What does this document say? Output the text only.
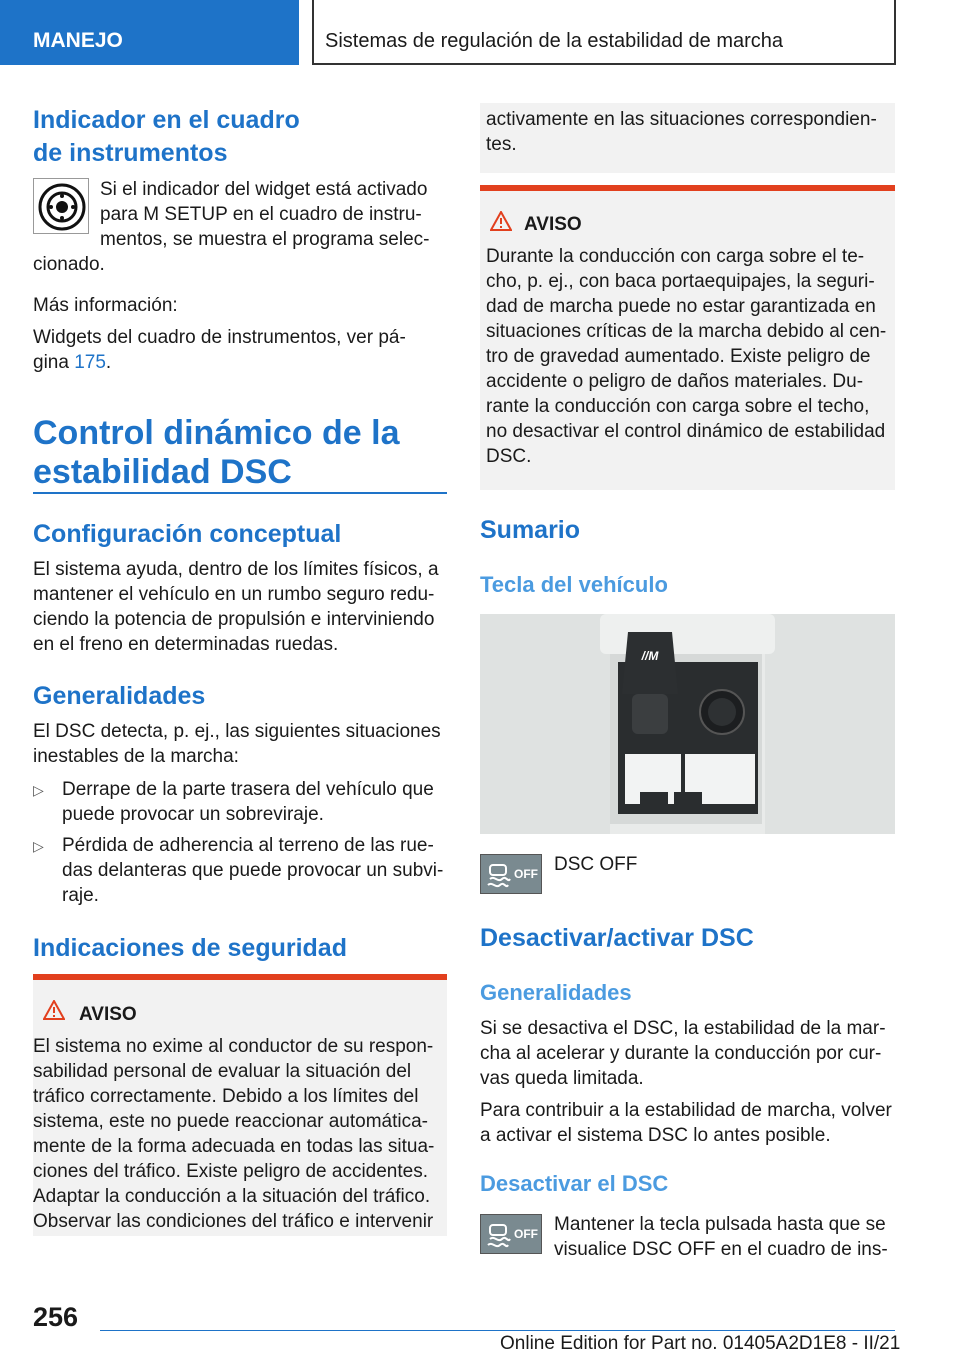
MANEJO	Sistemas de regulación de la estabilidad de marcha
Indicador en el cuadro
de instrumentos
Si el indicador del widget está activado
para M SETUP en el cuadro de instru-
mentos, se muestra el programa selec-
cionado.
Más información:
Widgets del cuadro de instrumentos, ver pá-
gina 175.
Control dinámico de la
estabilidad DSC
Configuración conceptual
El sistema ayuda, dentro de los límites físicos, a
mantener el vehículo en un rumbo seguro redu-
ciendo la potencia de propulsión e interviniendo
en el freno en determinadas ruedas.
Generalidades
El DSC detecta, p. ej., las siguientes situaciones
inestables de la marcha:
▷ Derrape de la parte trasera del vehículo que
puede provocar un sobreviraje.
▷ Pérdida de adherencia al terreno de las rue-
das delanteras que puede provocar un subvi-
raje.
Indicaciones de seguridad
AVISO
El sistema no exime al conductor de su respon-
sabilidad personal de evaluar la situación del
tráfico correctamente. Debido a los límites del
sistema, este no puede reaccionar automática-
mente de la forma adecuada en todas las situa-
ciones del tráfico. Existe peligro de accidentes.
Adaptar la conducción a la situación del tráfico.
Observar las condiciones del tráfico e intervenir
activamente en las situaciones correspondien-
tes.
AVISO
Durante la conducción con carga sobre el te-
cho, p. ej., con baca portaequipajes, la seguri-
dad de marcha puede no estar garantizada en
situaciones críticas de la marcha debido al cen-
tro de gravedad aumentado. Existe peligro de
accidente o peligro de daños materiales. Du-
rante la conducción con carga sobre el techo,
no desactivar el control dinámico de estabilidad
DSC.
Sumario
Tecla del vehículo
//M
OFF DSC OFF
Desactivar/activar DSC
Generalidades
Si se desactiva el DSC, la estabilidad de la mar-
cha al acelerar y durante la conducción por cur-
vas queda limitada.
Para contribuir a la estabilidad de marcha, volver
a activar el sistema DSC lo antes posible.
Desactivar el DSC
OFF Mantener la tecla pulsada hasta que se
visualice DSC OFF en el cuadro de ins-
256
Online Edition for Part no. 01405A2D1E8 - II/21
